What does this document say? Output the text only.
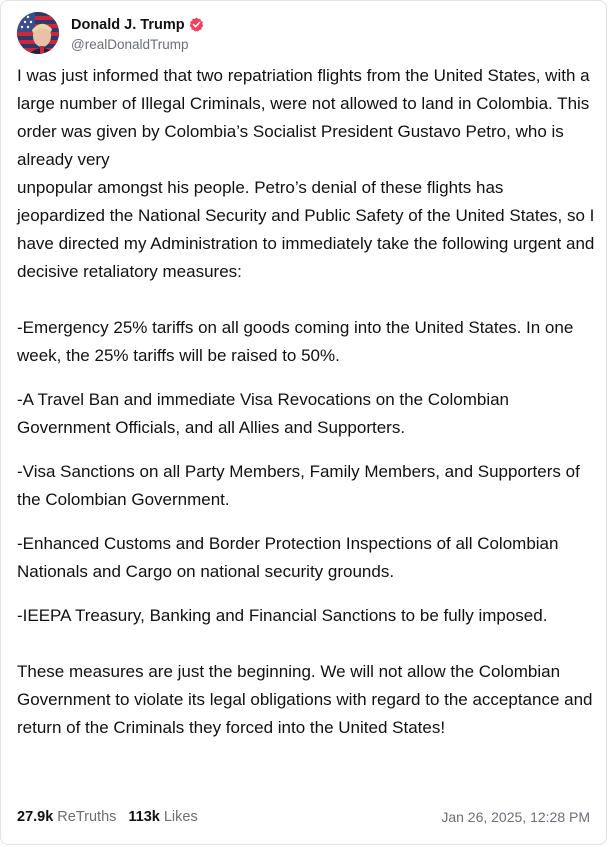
Donald J. Trump
@realDonaldTrump

I was just informed that two repatriation flights from the United States, with a large number of Illegal Criminals, were not allowed to land in Colombia. This order was given by Colombia’s Socialist President Gustavo Petro, who is already very

unpopular amongst his people. Petro’s denial of these flights has jeopardized the National Security and Public Safety of the United States, so I have directed my Administration to immediately take the following urgent and decisive retaliatory measures:

-Emergency 25% tariffs on all goods coming into the United States. In one week, the 25% tariffs will be raised to 50%.

-A Travel Ban and immediate Visa Revocations on the Colombian Government Officials, and all Allies and Supporters.

-Visa Sanctions on all Party Members, Family Members, and Supporters of the Colombian Government.

-Enhanced Customs and Border Protection Inspections of all Colombian Nationals and Cargo on national security grounds.

-IEEPA Treasury, Banking and Financial Sanctions to be fully imposed.

These measures are just the beginning. We will not allow the Colombian Government to violate its legal obligations with regard to the acceptance and return of the Criminals they forced into the United States!

27.9k ReTruths 113k Likes	Jan 26, 2025, 12:28 PM
